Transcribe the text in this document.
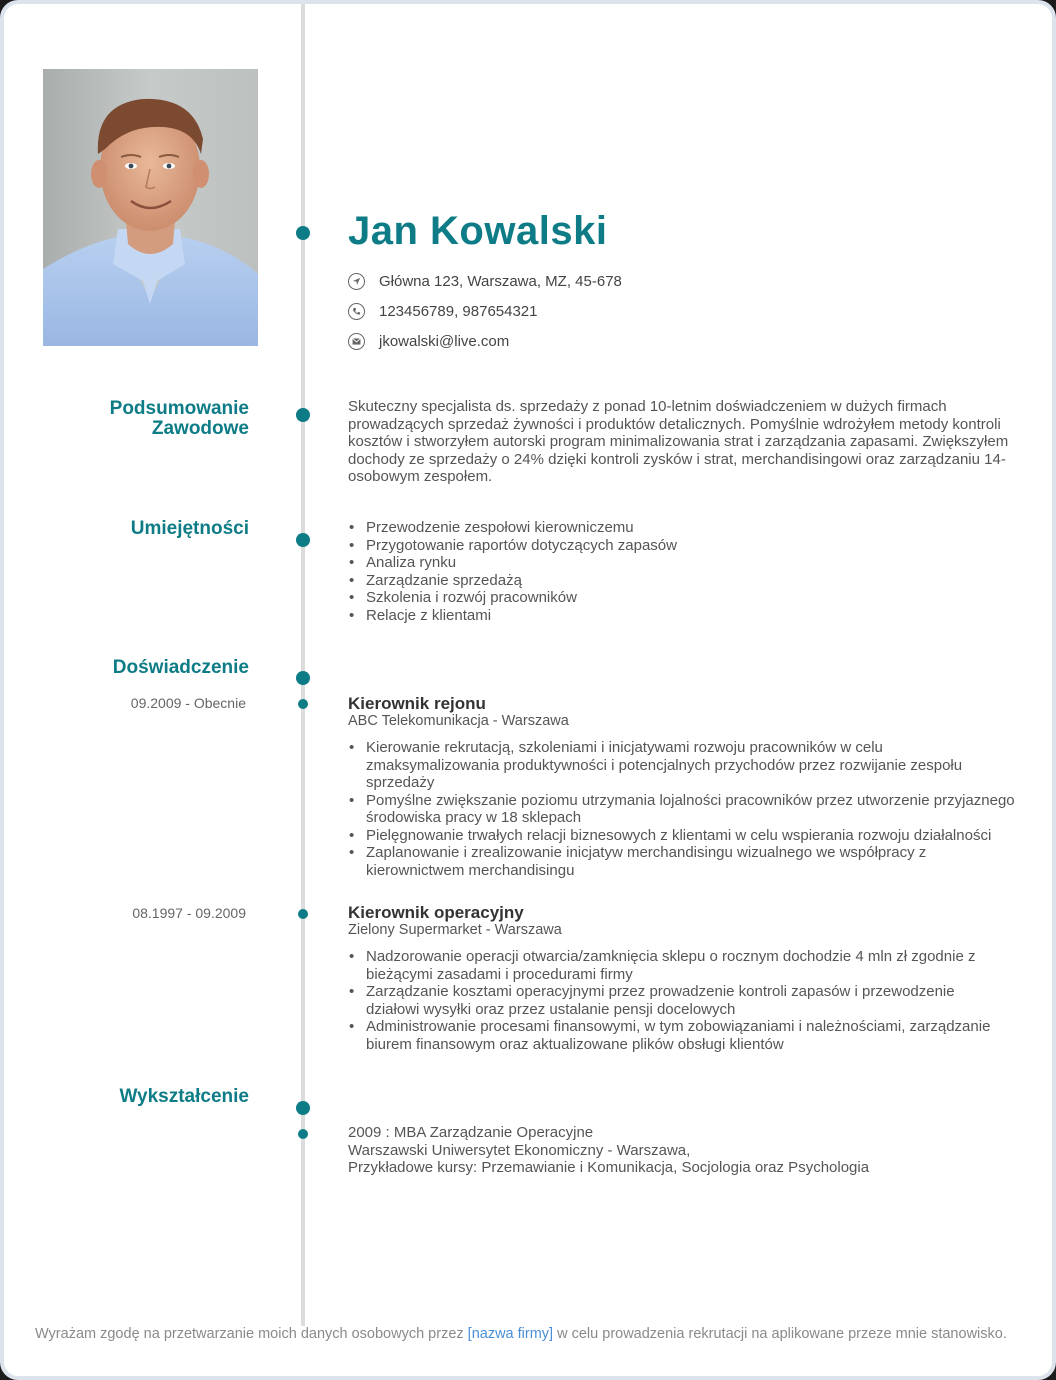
Jan Kowalski
Główna 123, Warszawa, MZ, 45-678
123456789, 987654321
jkowalski@live.com
Podsumowanie
Zawodowe
Skuteczny specjalista ds. sprzedaży z ponad 10-letnim doświadczeniem w dużych firmach prowadzących sprzedaż żywności i produktów detalicznych. Pomyślnie wdrożyłem metody kontroli kosztów i stworzyłem autorski program minimalizowania strat i zarządzania zapasami. Zwiększyłem dochody ze sprzedaży o 24% dzięki kontroli zysków i strat, merchandisingowi oraz zarządzaniu 14-osobowym zespołem.
Umiejętności	• Przewodzenie zespołowi kierowniczemu
• Przygotowanie raportów dotyczących zapasów
• Analiza rynku
• Zarządzanie sprzedażą
• Szkolenia i rozwój pracowników
• Relacje z klientami
Doświadczenie
09.2009 - Obecnie	Kierownik rejonu
ABC Telekomunikacja - Warszawa
• Kierowanie rekrutacją, szkoleniami i inicjatywami rozwoju pracowników w celu zmaksymalizowania produktywności i potencjalnych przychodów przez rozwijanie zespołu sprzedaży
• Pomyślne zwiększanie poziomu utrzymania lojalności pracowników przez utworzenie przyjaznego środowiska pracy w 18 sklepach
• Pielęgnowanie trwałych relacji biznesowych z klientami w celu wspierania rozwoju działalności
• Zaplanowanie i zrealizowanie inicjatyw merchandisingu wizualnego we współpracy z kierownictwem merchandisingu
08.1997 - 09.2009	Kierownik operacyjny
Zielony Supermarket - Warszawa
• Nadzorowanie operacji otwarcia/zamknięcia sklepu o rocznym dochodzie 4 mln zł zgodnie z bieżącymi zasadami i procedurami firmy
• Zarządzanie kosztami operacyjnymi przez prowadzenie kontroli zapasów i przewodzenie działowi wysyłki oraz przez ustalanie pensji docelowych
• Administrowanie procesami finansowymi, w tym zobowiązaniami i należnościami, zarządzanie biurem finansowym oraz aktualizowane plików obsługi klientów
Wykształcenie
2009 : MBA Zarządzanie Operacyjne
Warszawski Uniwersytet Ekonomiczny - Warszawa,
Przykładowe kursy: Przemawianie i Komunikacja, Socjologia oraz Psychologia
Wyrażam zgodę na przetwarzanie moich danych osobowych przez [nazwa firmy] w celu prowadzenia rekrutacji na aplikowane przeze mnie stanowisko.
